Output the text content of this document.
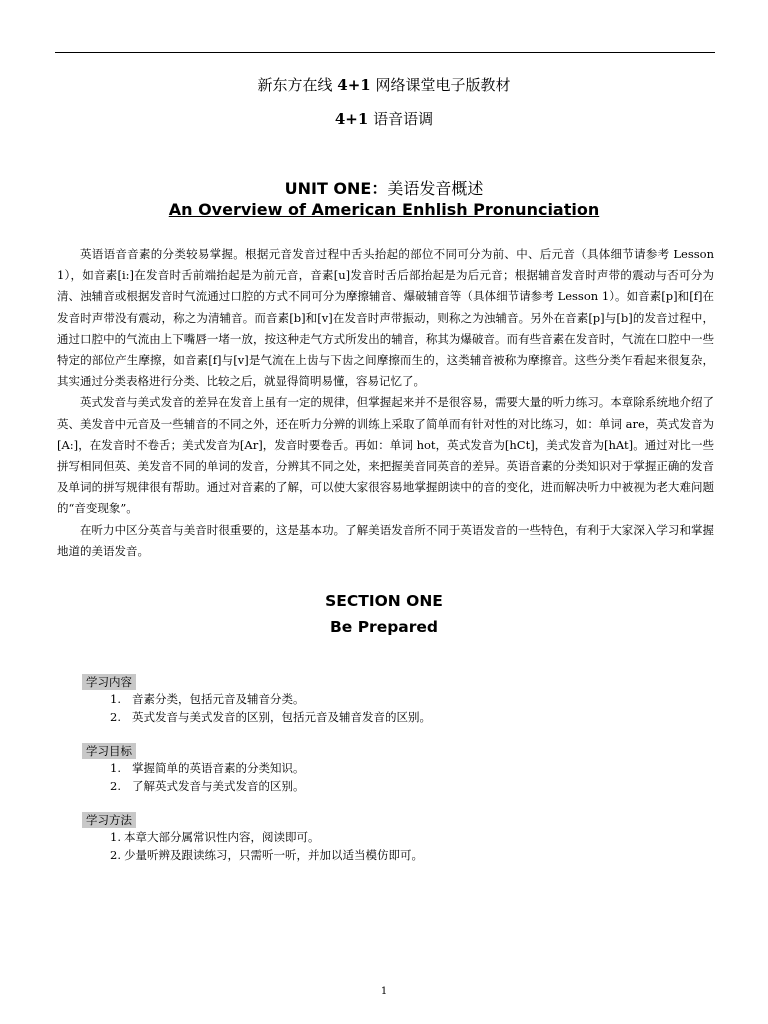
新东方在线 4+1 网络课堂电子版教材
4+1 语音语调
UNIT ONE：美语发音概述
An Overview of American Enhlish Pronunciation

英语语音音素的分类较易掌握。根据元音发音过程中舌头抬起的部位不同可分为前、中、后元音（具体细节请参考 Lesson 1），如音素[i:]在发音时舌前端抬起是为前元音，音素[u]发音时舌后部抬起是为后元音；根据辅音发音时声带的震动与否可分为清、浊辅音或根据发音时气流通过口腔的方式不同可分为摩擦辅音、爆破辅音等（具体细节请参考 Lesson 1）。如音素[p]和[f]在发音时声带没有震动，称之为清辅音。而音素[b]和[v]在发音时声带振动，则称之为浊辅音。另外在音素[p]与[b]的发音过程中，通过口腔中的气流由上下嘴唇一堵一放，按这种走气方式所发出的辅音，称其为爆破音。而有些音素在发音时，气流在口腔中一些特定的部位产生摩擦，如音素[f]与[v]是气流在上齿与下齿之间摩擦而生的，这类辅音被称为摩擦音。这些分类乍看起来很复杂，其实通过分类表格进行分类、比较之后，就显得简明易懂，容易记忆了。

英式发音与美式发音的差异在发音上虽有一定的规律，但掌握起来并不是很容易，需要大量的听力练习。本章除系统地介绍了英、美发音中元音及一些辅音的不同之外，还在听力分辨的训练上采取了简单而有针对性的对比练习，如：单词 are，英式发音为[A:]，在发音时不卷舌；美式发音为[Ar]，发音时要卷舌。再如：单词 hot，英式发音为[hCt]，美式发音为[hAt]。通过对比一些拼写相同但英、美发音不同的单词的发音，分辨其不同之处，来把握美音同英音的差异。英语音素的分类知识对于掌握正确的发音及单词的拼写规律很有帮助。通过对音素的了解，可以使大家很容易地掌握朗读中的音的变化，进而解决听力中被视为老大难问题的“音变现象”。

在听力中区分英音与美音时很重要的，这是基本功。了解美语发音所不同于英语发音的一些特色，有利于大家深入学习和掌握地道的美语发音。

SECTION ONE
Be Prepared
学习内容
1. 音素分类，包括元音及辅音分类。
2. 英式发音与美式发音的区别，包括元音及辅音发音的区别。
学习目标
1. 掌握简单的英语音素的分类知识。
2. 了解英式发音与美式发音的区别。
学习方法
1. 本章大部分属常识性内容，阅读即可。
2. 少量听辨及跟读练习，只需听一听，并加以适当模仿即可。
1
